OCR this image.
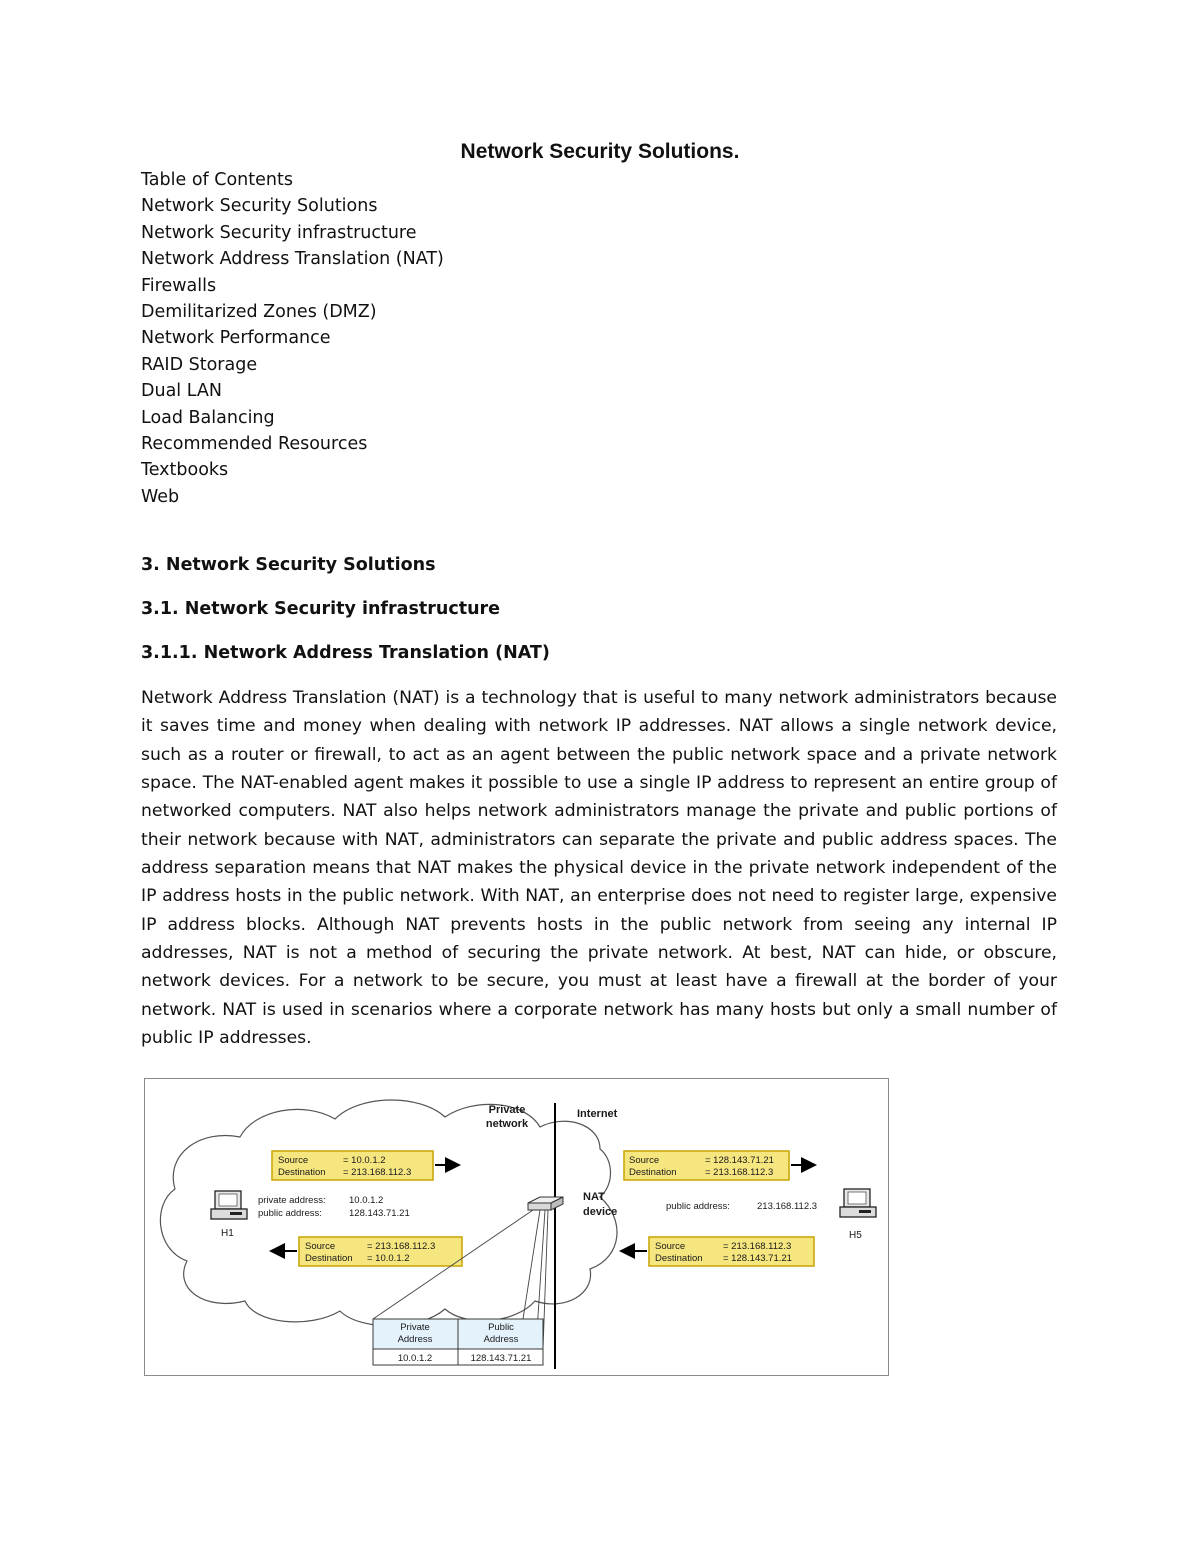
Network Security Solutions.
Table of Contents
Network Security Solutions
Network Security infrastructure
Network Address Translation (NAT)
Firewalls
Demilitarized Zones (DMZ)
Network Performance
RAID Storage
Dual LAN
Load Balancing
Recommended Resources
Textbooks
Web
3. Network Security Solutions
3.1. Network Security infrastructure
3.1.1. Network Address Translation (NAT)

Network Address Translation (NAT) is a technology that is useful to many network administrators because it saves time and money when dealing with network IP addresses. NAT allows a single network device, such as a router or firewall, to act as an agent between the public network space and a private network space. The NAT-enabled agent makes it possible to use a single IP address to represent an entire group of networked computers. NAT also helps network administrators manage the private and public portions of their network because with NAT, administrators can separate the private and public address spaces. The address separation means that NAT makes the physical device in the private network independent of the IP address hosts in the public network. With NAT, an enterprise does not need to register large, expensive IP address blocks. Although NAT prevents hosts in the public network from seeing any internal IP addresses, NAT is not a method of securing the private network. At best, NAT can hide, or obscure, network devices. For a network to be secure, you must at least have a firewall at the border of your network. NAT is used in scenarios where a corporate network has many hosts but only a small number of public IP addresses.

Private
network
Internet
Source	= 10.0.1.2
Destination = 213.168.112.3
H1
private address: 10.0.1.2
public address:	128.143.71.21
Source	= 213.168.112.3
Destination = 10.0.1.2
NAT
device
Source	= 128.143.71.21
Destination	= 213.168.112.3
public address:	213.168.112.3
H5
Source	= 213.168.112.3
Destination = 128.143.71.21
Private
Address
Public
Address
10.0.1.2	128.143.71.21
